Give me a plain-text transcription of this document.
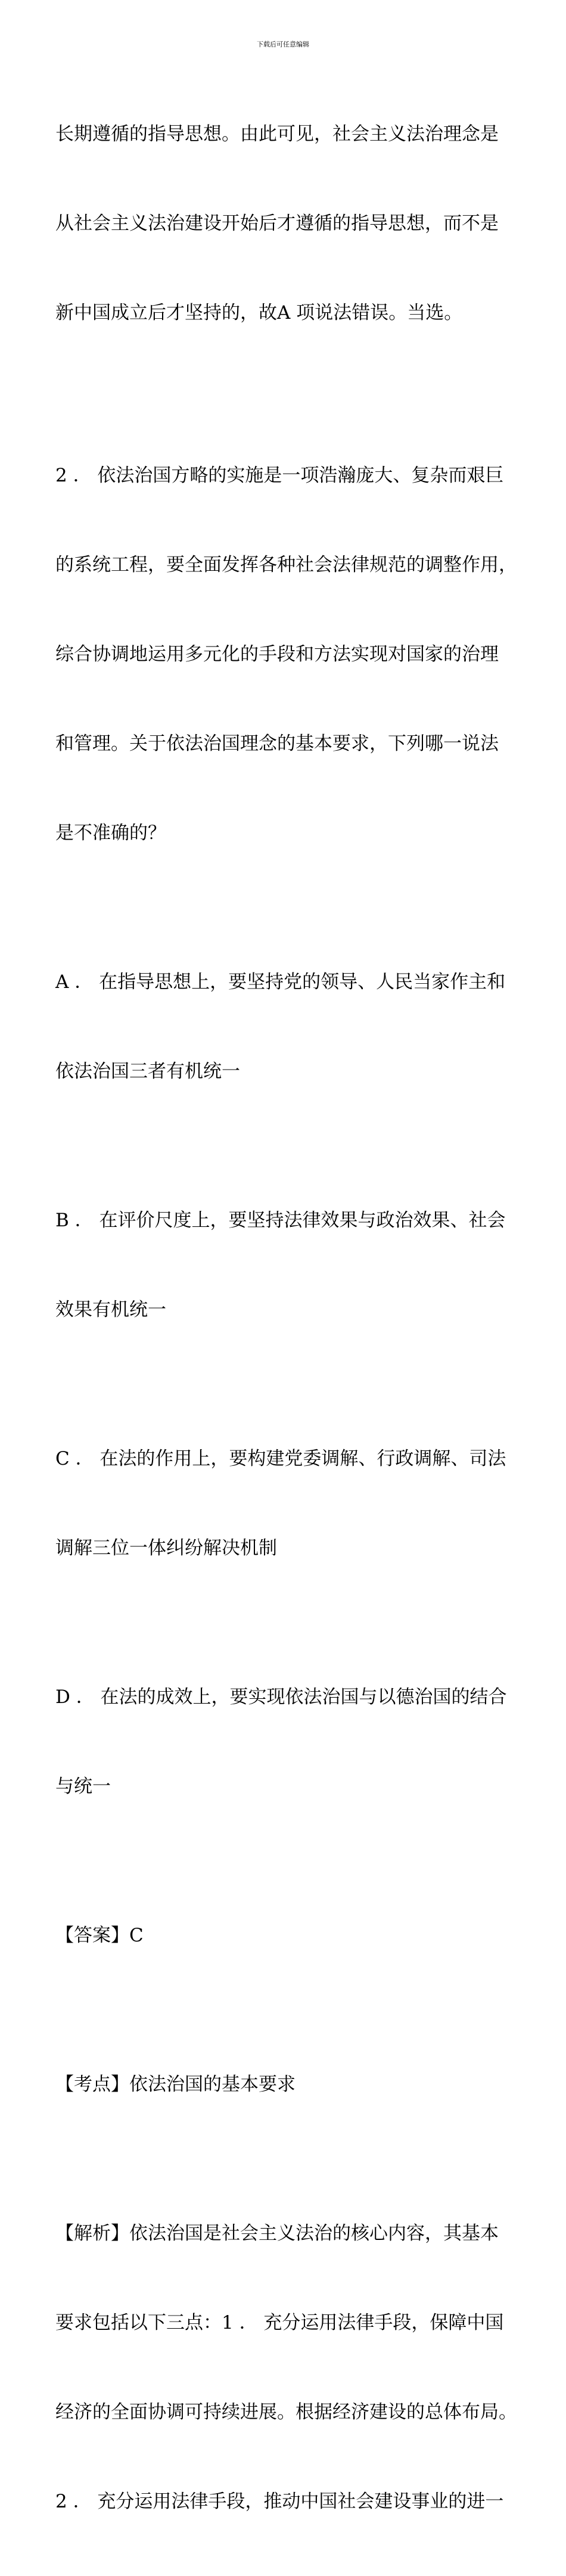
下载后可任意编辑

长期遵循的指导思想。由此可见，社会主义法治理念是

从社会主义法治建设开始后才遵循的指导思想，而不是

新中国成立后才坚持的，故A 项说法错误。当选。

2 ． 依法治国方略的实施是一项浩瀚庞大、复杂而艰巨

的系统工程，要全面发挥各种社会法律规范的调整作用，

综合协调地运用多元化的手段和方法实现对国家的治理

和管理。关于依法治国理念的基本要求，下列哪一说法

是不准确的？

A ． 在指导思想上，要坚持党的领导、人民当家作主和

依法治国三者有机统一

B ． 在评价尺度上，要坚持法律效果与政治效果、社会

效果有机统一

C ． 在法的作用上，要构建党委调解、行政调解、司法

调解三位一体纠纷解决机制

D ． 在法的成效上，要实现依法治国与以德治国的结合

与统一

【答案】C

【考点】依法治国的基本要求

【解析】依法治国是社会主义法治的核心内容，其基本

要求包括以下三点：1 ． 充分运用法律手段，保障中国

经济的全面协调可持续进展。根据经济建设的总体布局。

2 ． 充分运用法律手段，推动中国社会建设事业的进一
